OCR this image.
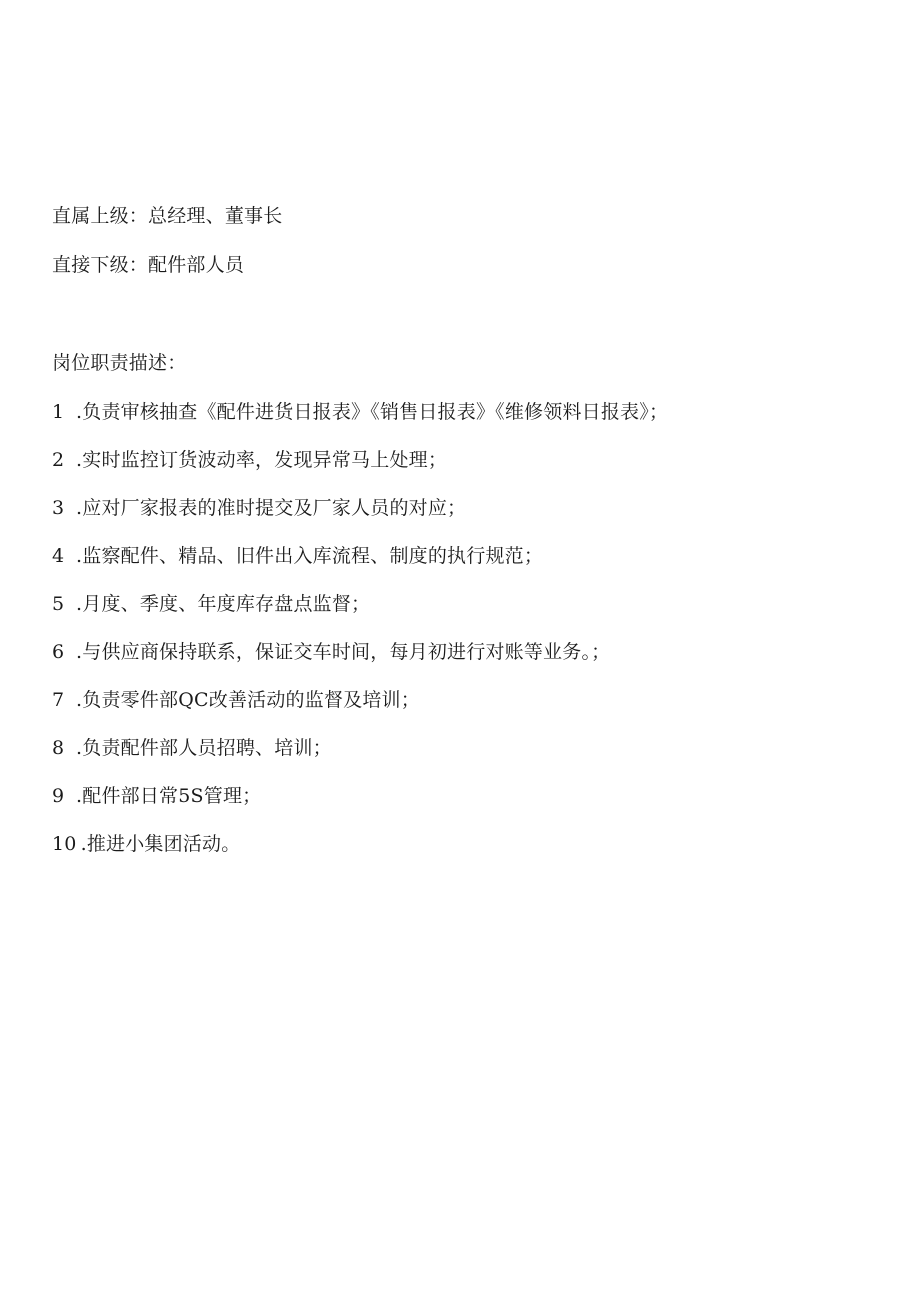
直属上级：总经理、董事长
直接下级：配件部人员
岗位职责描述：
1 .负责审核抽查《配件进货日报表》《销售日报表》《维修领料日报表》；
2 .实时监控订货波动率，发现异常马上处理；
3 .应对厂家报表的准时提交及厂家人员的对应；
4 .监察配件、精品、旧件出入库流程、制度的执行规范；
5 .月度、季度、年度库存盘点监督；
6 .与供应商保持联系，保证交车时间，每月初进行对账等业务。；
7 .负责零件部QC改善活动的监督及培训；
8 .负责配件部人员招聘、培训；
9 .配件部日常5S管理；
10 .推进小集团活动。
